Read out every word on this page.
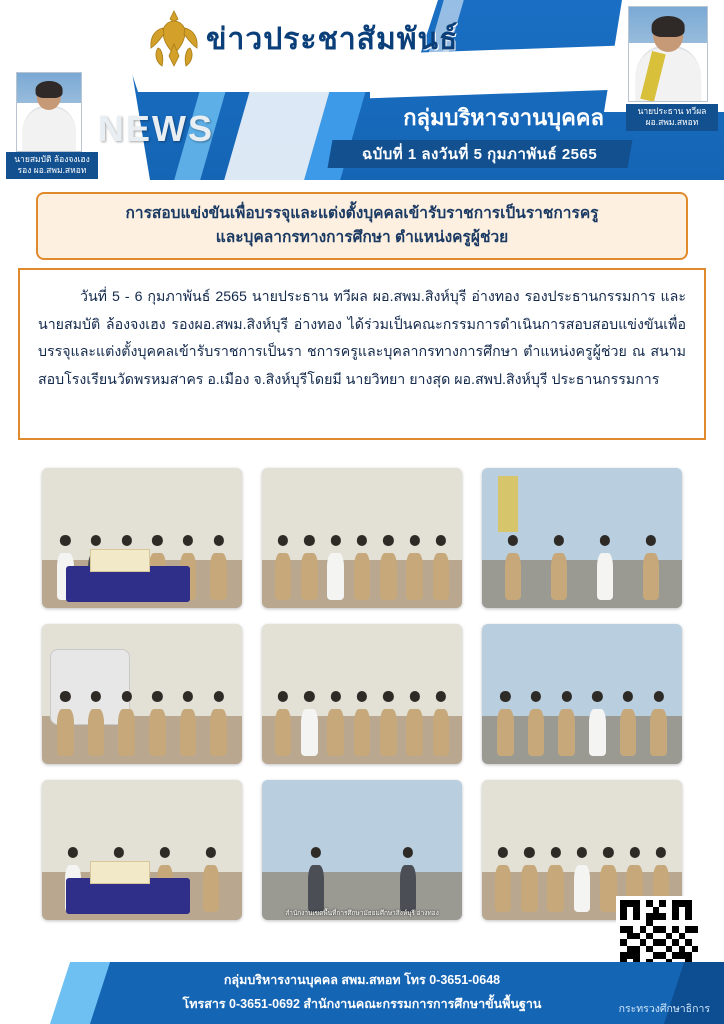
ข่าวประชาสัมพันธ์
NEWS	กลุ่มบริหารงานบุคคล
ฉบับที่ 1 ลงวันที่ 5 กุมภาพันธ์ 2565
นายสมบัติ ล้องจงเฮง
รอง ผอ.สพม.สหอท
นายประธาน ทวีผล
ผอ.สพม.สหอท
การสอบแข่งขันเพื่อบรรจุและแต่งตั้งบุคคลเข้ารับราชการเป็นราชการครู
และบุคลากรทางการศึกษา ตำแหน่งครูผู้ช่วย

วันที่ 5 - 6 กุมภาพันธ์ 2565 นายประธาน ทวีผล ผอ.สพม.สิงห์บุรี อ่างทอง รองประธานกรรมการ และนายสมบัติ ล้องจงเฮง รองผอ.สพม.สิงห์บุรี อ่างทอง ได้ร่วมเป็นคณะกรรมการดำเนินการสอบสอบแข่งขันเพื่อบรรจุและแต่งตั้งบุคคลเข้ารับราชการเป็นรา ชการครูและบุคลากรทางการศึกษา ตำแหน่งครูผู้ช่วย ณ สนามสอบโรงเรียนวัดพรหมสาคร อ.เมือง จ.สิงห์บุรีโดยมี นายวิทยา ยางสุด ผอ.สพป.สิงห์บุรี ประธานกรรมการ

สำนักงานเขตพื้นที่การศึกษามัธยมศึกษาสิงห์บุรี อ่างทอง
กลุ่มบริหารงานบุคคล สพม.สหอท โทร 0-3651-0648
โทรสาร 0-3651-0692 สำนักงานคณะกรรมการการศึกษาขั้นพื้นฐาน	กระทรวงศึกษาธิการ
